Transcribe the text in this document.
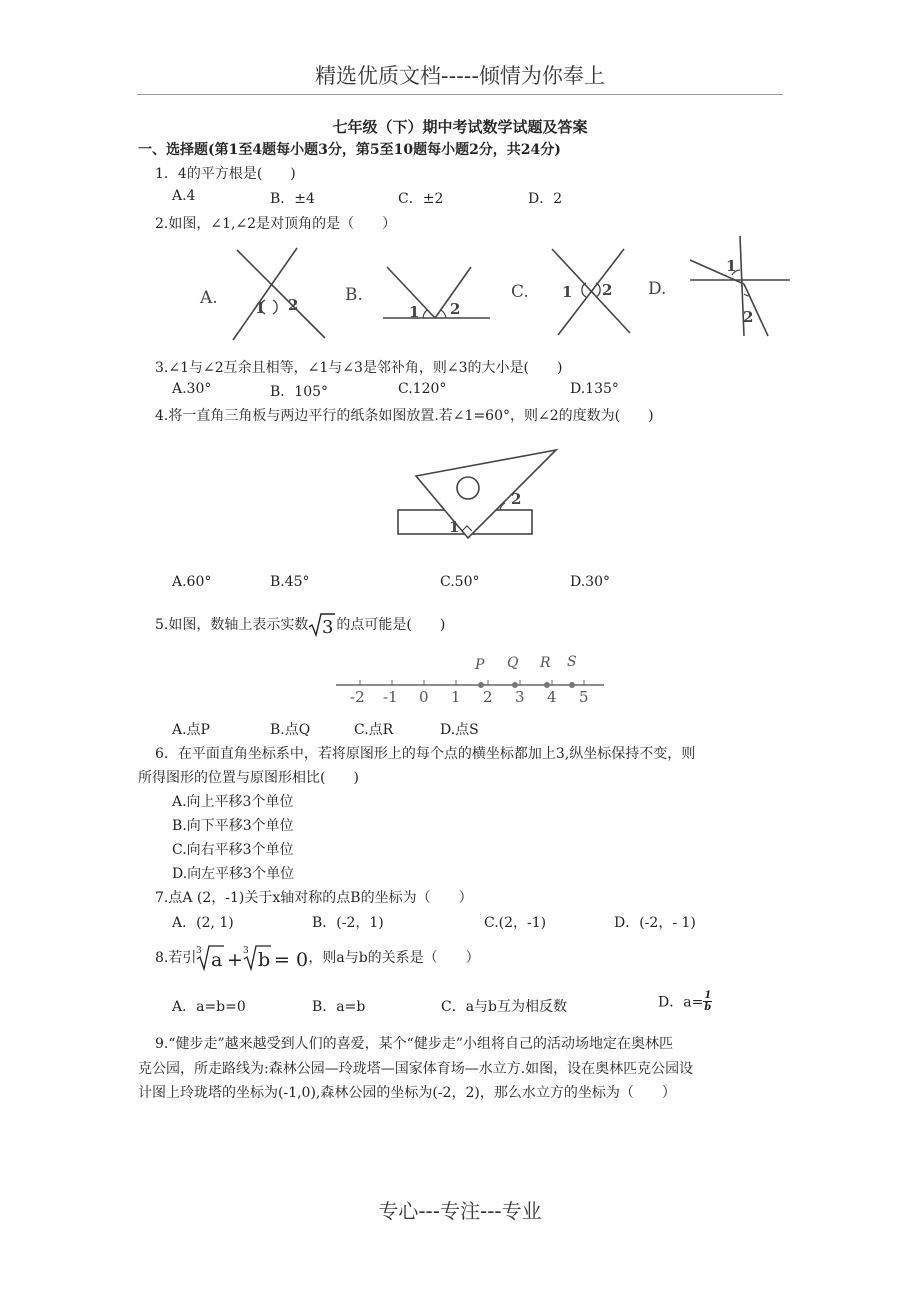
精选优质文档-----倾情为你奉上
七年级（下）期中考试数学试题及答案
一、选择题(第1至4题每小题3分，第5至10题每小题2分，共24分)
1．4的平方根是(　　)
A.4	B．±4	C．±2	D．2
2.如图，∠1,∠2是对顶角的是（　　）
A. 1 2	B.
1 2
C. 1 2 D.
1
2
3.∠1与∠2互余且相等，∠1与∠3是邻补角，则∠3的大小是(　　)
A.30°	B．105°	C.120°	D.135°
4.将一直角三角板与两边平行的纸条如图放置.若∠1=60°，则∠2的度数为(　　)
1
2
A.60°	B.45°	C.50°	D.30°
5.如图，数轴上表示实数 3 的点可能是(　　)
-2 -1 0 1 2 3 4 5
P Q R S
A.点P	B.点Q	C.点R	D.点S
6．在平面直角坐标系中，若将原图形上的每个点的横坐标都加上3,纵坐标保持不变，则
所得图形的位置与原图形相比(　　)
A.向上平移3个单位
B.向下平移3个单位
C.向右平移3个单位
D.向左平移3个单位
7.点A (2，-1)关于x轴对称的点B的坐标为（　　）
A．(2, 1)	B．(-2，1)	C.(2，-1)	D．(-2，- 1)
8.若引 3 a + 3 b = 0 ，则a与b的关系是（　　）
A．a=b=0	B．a=b	C．a与b互为相反数	D．$a= \frac{1}{b}$
9.“健步走”越来越受到人们的喜爱，某个“健步走”小组将自己的活动场地定在奥林匹
克公园，所走路线为:森林公园—玲珑塔—国家体育场—水立方.如图，设在奥林匹克公园设
计图上玲珑塔的坐标为(-1,0),森林公园的坐标为(-2，2)，那么水立方的坐标为（　　）
专心---专注---专业
